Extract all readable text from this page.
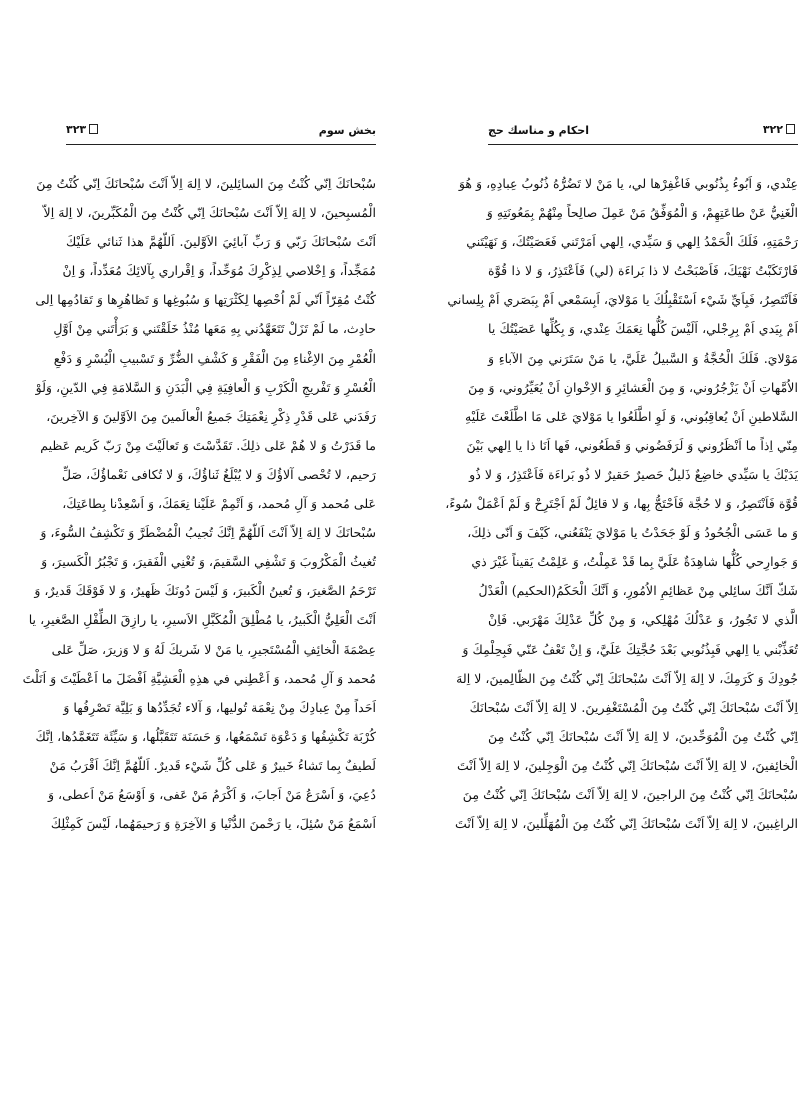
٣٢٣	بخش سوم
سُبْحانَكَ اِنّي كُنْتُ مِنَ السائِلينَ، لا اِلهَ اِلاّ اَنْتَ سُبْحانَكَ اِنّي كُنْتُ مِنَ
الْمُسبِحينَ، لا اِلهَ اِلاّ اَنْتَ سُبْحانَكَ اِنّي كُنْتُ مِنَ الْمُكَبِّرينَ، لا اِلهَ اِلاّ
اَنْتَ سُبْحانَكَ رَبّي وَ رَبِّ آبائِيَ الاَوَّلينَ. اَللّهُمَّ هذا ثَنائي عَلَيْكَ
مُمَجِّداً، وَ اِخْلاصي لِذِكْرِكَ مُوَحِّداً، وَ اِقْراري بِآلائِكَ مُعَدِّداً، وَ اِنْ
كُنْتُ مُقِرّاً اَنّي لَمْ اُحْصِها لِكَثْرَتِها وَ سُبُوغِها وَ تَظاهُرِها وَ تَقادُمِها اِلى
حادِث، ما لَمْ تَزَلْ تَتَعَهَّدُني بِهِ مَعَها مُنْذُ خَلَقْتَني وَ بَرَأْتَني مِنْ اَوَّلِ
الْعُمْرِ مِنَ الاِغْناءِ مِنَ الْفَقْرِ وَ كَشْفِ الضُّرِّ وَ تَسْبيبِ الْيُسْرِ وَ دَفْعِ
الْعُسْرِ وَ تَفْريجِ الْكَرْبِ وَ الْعافِيَةِ فِي الْبَدَنِ وَ السَّلامَةِ فِي الدّينِ، وَلَوْ
رَفَدَني عَلى قَدْرِ ذِكْرِ نِعْمَتِكَ جَميعُ الْعالَمينَ مِنَ الاَوَّلينَ وَ الآخِرينَ،
ما قَدَرْتُ وَ لا هُمْ عَلى ذلِكَ. تَقَدَّسْتَ وَ تَعالَيْتَ مِنْ رَبّ كَريم عَظيم
رَحيم، لا تُحْصى آلاؤُكَ وَ لا يُبْلَغُ ثَناؤُكَ، وَ لا تُكافى نَعْماؤُكَ، صَلِّ
عَلى مُحمد وَ آلِ مُحمد، وَ اَتْمِمْ عَلَيْنا نِعَمَكَ، وَ اَسْعِدْنا بِطاعَتِكَ،
سُبْحانَكَ لا اِلهَ اِلاّ اَنْتَ اَللّهُمَّ اِنَّكَ تُجيبُ الْمُضْطَرَّ وَ تَكْشِفُ السُّوءَ، وَ
تُغيثُ الْمَكْرُوبَ وَ تَشْفِي السَّقيمَ، وَ تُغْنِي الْفَقيرَ، وَ تَجْبُرُ الْكَسيرَ، وَ
تَرْحَمُ الصَّغيرَ، وَ تُعينُ الْكَبيرَ، وَ لَيْسَ دُونَكَ ظَهيرٌ، وَ لا فَوْقَكَ قَديرٌ، وَ
اَنْتَ الْعَلِيُّ الْكَبيرُ، يا مُطْلِقَ الْمُكَبَّلِ الاَسيرِ، يا رازِقَ الطِّفْلِ الصَّغيرِ، يا
عِصْمَةَ الْخائِفِ الْمُسْتَجيرِ، يا مَنْ لا شَريكَ لَهُ وَ لا وَزيرَ، صَلِّ عَلى
مُحمد وَ آلِ مُحمد، وَ اَعْطِني في هذِهِ الْعَشِيَّةِ اَفْضَلَ ما اَعْطَيْتَ وَ اَنَلْتَ
اَحَداً مِنْ عِبادِكَ مِنْ نِعْمَة تُوليها، وَ آلاء تُجَدِّدُها وَ بَلِيَّة تَصْرِفُها وَ
كُرْبَة تَكْشِفُها وَ دَعْوَة تَسْمَعُها، وَ حَسَنَة تَتَقَبَّلُها، وَ سَيِّئَة تَتَغَمَّدُها، اِنَّكَ
لَطيفٌ بِما تَشاءُ خَبيرٌ وَ عَلى كُلِّ شَيْء قَديرٌ. اَللّهُمَّ اِنَّكَ اَقْرَبُ مَنْ
دُعِيَ، وَ اَسْرَعُ مَنْ اَجابَ، وَ اَكْرَمُ مَنْ عَفى، وَ اَوْسَعُ مَنْ اَعطى، وَ
اَسْمَعُ مَنْ سُئِلَ، يا رَحْمنَ الدُّنْيا وَ الآخِرَةِ وَ رَحيمَهُما، لَيْسَ كَمِثْلِكَ
احكام و مناسك حج	٣٢٢
عِنْدي، وَ اَبُوءُ بِذُنُوبي فَاغْفِرْها لي، يا مَنْ لا تَضُرُّهُ ذُنُوبُ عِبادِهِ، وَ هُوَ
الْغَنِيُّ عَنْ طاعَتِهِمْ، وَ الْمُوَفِّقُ مَنْ عَمِلَ صالِحاً مِنْهُمْ بِمَعُونَتِهِ وَ
رَحْمَتِهِ، فَلَكَ الْحَمْدُ اِلهي وَ سَيِّدي، اِلهي اَمَرْتَني فَعَصَيْتُكَ، وَ نَهَيْتَني
فَارْتَكَبْتُ نَهْيَكَ، فَاَصْبَحْتُ لا ذا بَراءَة (لي) فَاَعْتَذِرُ، وَ لا ذا قُوَّة
فَاَنْتَصِرُ، فَبِاَيِّ شَيْء اَسْتَقْبِلُكَ يا مَوْلايَ، اَبِسَمْعي اَمْ بِبَصَري اَمْ بِلِساني
اَمْ بِيَدي اَمْ بِرِجْلي، اَلَيْسَ كُلُّها نِعَمَكَ عِنْدي، وَ بِكُلِّها عَصَيْتُكَ يا
مَوْلايَ. فَلَكَ الْحُجَّةُ وَ السَّبيلُ عَلَيَّ، يا مَنْ سَتَرَني مِنَ الآباءِ وَ
الاُمَّهاتِ اَنْ يَزْجُرُوني، وَ مِنَ الْعَشائِرِ وَ الاِخْوانِ اَنْ يُعَيِّرُوني، وَ مِنَ
السَّلاطينِ اَنْ يُعاقِبُوني، وَ لَوِ اطَّلَعُوا يا مَوْلايَ عَلى مَا اطَّلَعْتَ عَلَيْهِ
مِنّي اِذاً ما اَنْظَرُوني وَ لَرَفَضُوني وَ قَطَعُوني، فَها اَنَا ذا يا اِلهي بَيْنَ
يَدَيْكَ يا سَيِّدي خاضِعٌ ذَليلٌ حَصيرٌ حَقيرٌ لا ذُو بَراءَة فَاَعْتَذِرُ، وَ لا ذُو
قُوَّة فَاَنْتَصِرُ، وَ لا حُجَّة فَاَحْتَجُّ بِها، وَ لا قائِلٌ لَمْ اَجْتَرِحْ وَ لَمْ اَعْمَلْ سُوءً،
وَ ما عَسَى الْجُحُودُ وَ لَوْ جَحَدْتُ يا مَوْلايَ يَنْفَعُني، كَيْفَ وَ اَنّى ذلِكَ،
وَ جَوارِحي كُلُّها شاهِدَةٌ عَلَيَّ بِما قَدْ عَمِلْتُ، وَ عَلِمْتُ يَقيناً غَيْرَ ذي
شَكّ اَنَّكَ سائِلي مِنْ عَظائِمِ الاُمُورِ، وَ اَنَّكَ الْحَكَمُ(الحكيم) الْعَدْلُ
الَّذي لا تَجُورُ، وَ عَدْلُكَ مُهْلِكي، وَ مِنْ كُلِّ عَدْلِكَ مَهْرَبي. فَاِنْ
تُعَذِّبْني يا اِلهي فَبِذُنُوبي بَعْدَ حُجَّتِكَ عَلَيَّ، وَ اِنْ تَعْفُ عَنّي فَبِحِلْمِكَ وَ
جُودِكَ وَ كَرَمِكَ، لا اِلهَ اِلاّ اَنْتَ سُبْحانَكَ اِنّي كُنْتُ مِنَ الظّالِمينَ، لا اِلهَ
اِلاّ اَنْتَ سُبْحانَكَ اِنّي كُنْتُ مِنَ الْمُسْتَغْفِرينَ. لا اِلهَ اِلاّ اَنْتَ سُبْحانَكَ
اِنّي كُنْتُ مِنَ الْمُوَحِّدينَ، لا اِلهَ اِلاّ اَنْتَ سُبْحانَكَ اِنّي كُنْتُ مِنَ
الْخائِفينَ، لا اِلهَ اِلاّ اَنْتَ سُبْحانَكَ اِنّي كُنْتُ مِنَ الْوَجِلينَ، لا اِلهَ اِلاّ اَنْتَ
سُبْحانَكَ اِنّي كُنْتُ مِنَ الراجينَ، لا اِلهَ اِلاّ اَنْتَ سُبْحانَكَ اِنّي كُنْتُ مِنَ
الراغِبينَ، لا اِلهَ اِلاّ اَنْتَ سُبْحانَكَ اِنّي كُنْتُ مِنَ الْمُهَلِّلينَ، لا اِلهَ اِلاّ اَنْتَ
